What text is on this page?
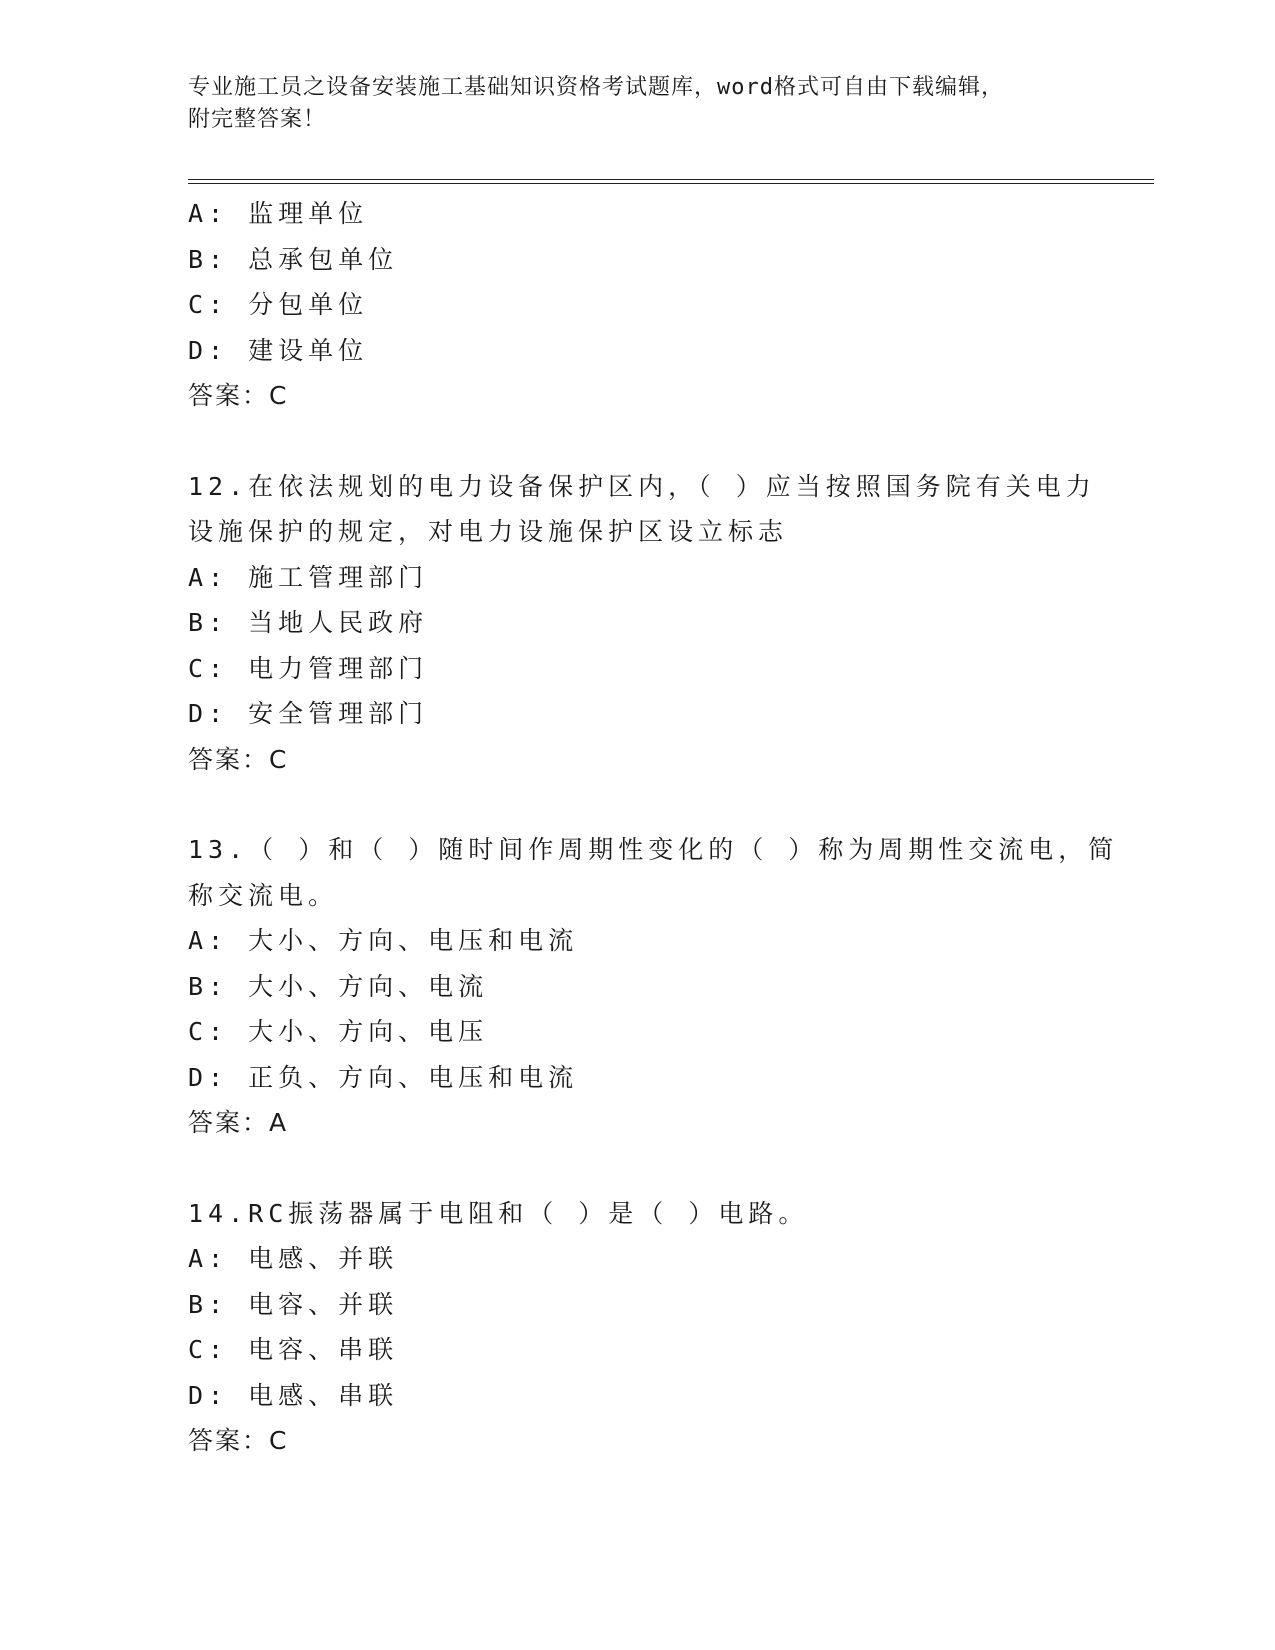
专业施工员之设备安装施工基础知识资格考试题库，word格式可自由下载编辑，
附完整答案！
A: 监理单位
B: 总承包单位
C: 分包单位
D: 建设单位
答案：C
12.在依法规划的电力设备保护区内，（ ）应当按照国务院有关电力
设施保护的规定，对电力设施保护区设立标志
A: 施工管理部门
B: 当地人民政府
C: 电力管理部门
D: 安全管理部门
答案：C
13.（ ）和（ ）随时间作周期性变化的（ ）称为周期性交流电，简
称交流电。
A: 大小、方向、电压和电流
B: 大小、方向、电流
C: 大小、方向、电压
D: 正负、方向、电压和电流
答案：A
14.RC振荡器属于电阻和（ ）是（ ）电路。
A: 电感、并联
B: 电容、并联
C: 电容、串联
D: 电感、串联
答案：C
